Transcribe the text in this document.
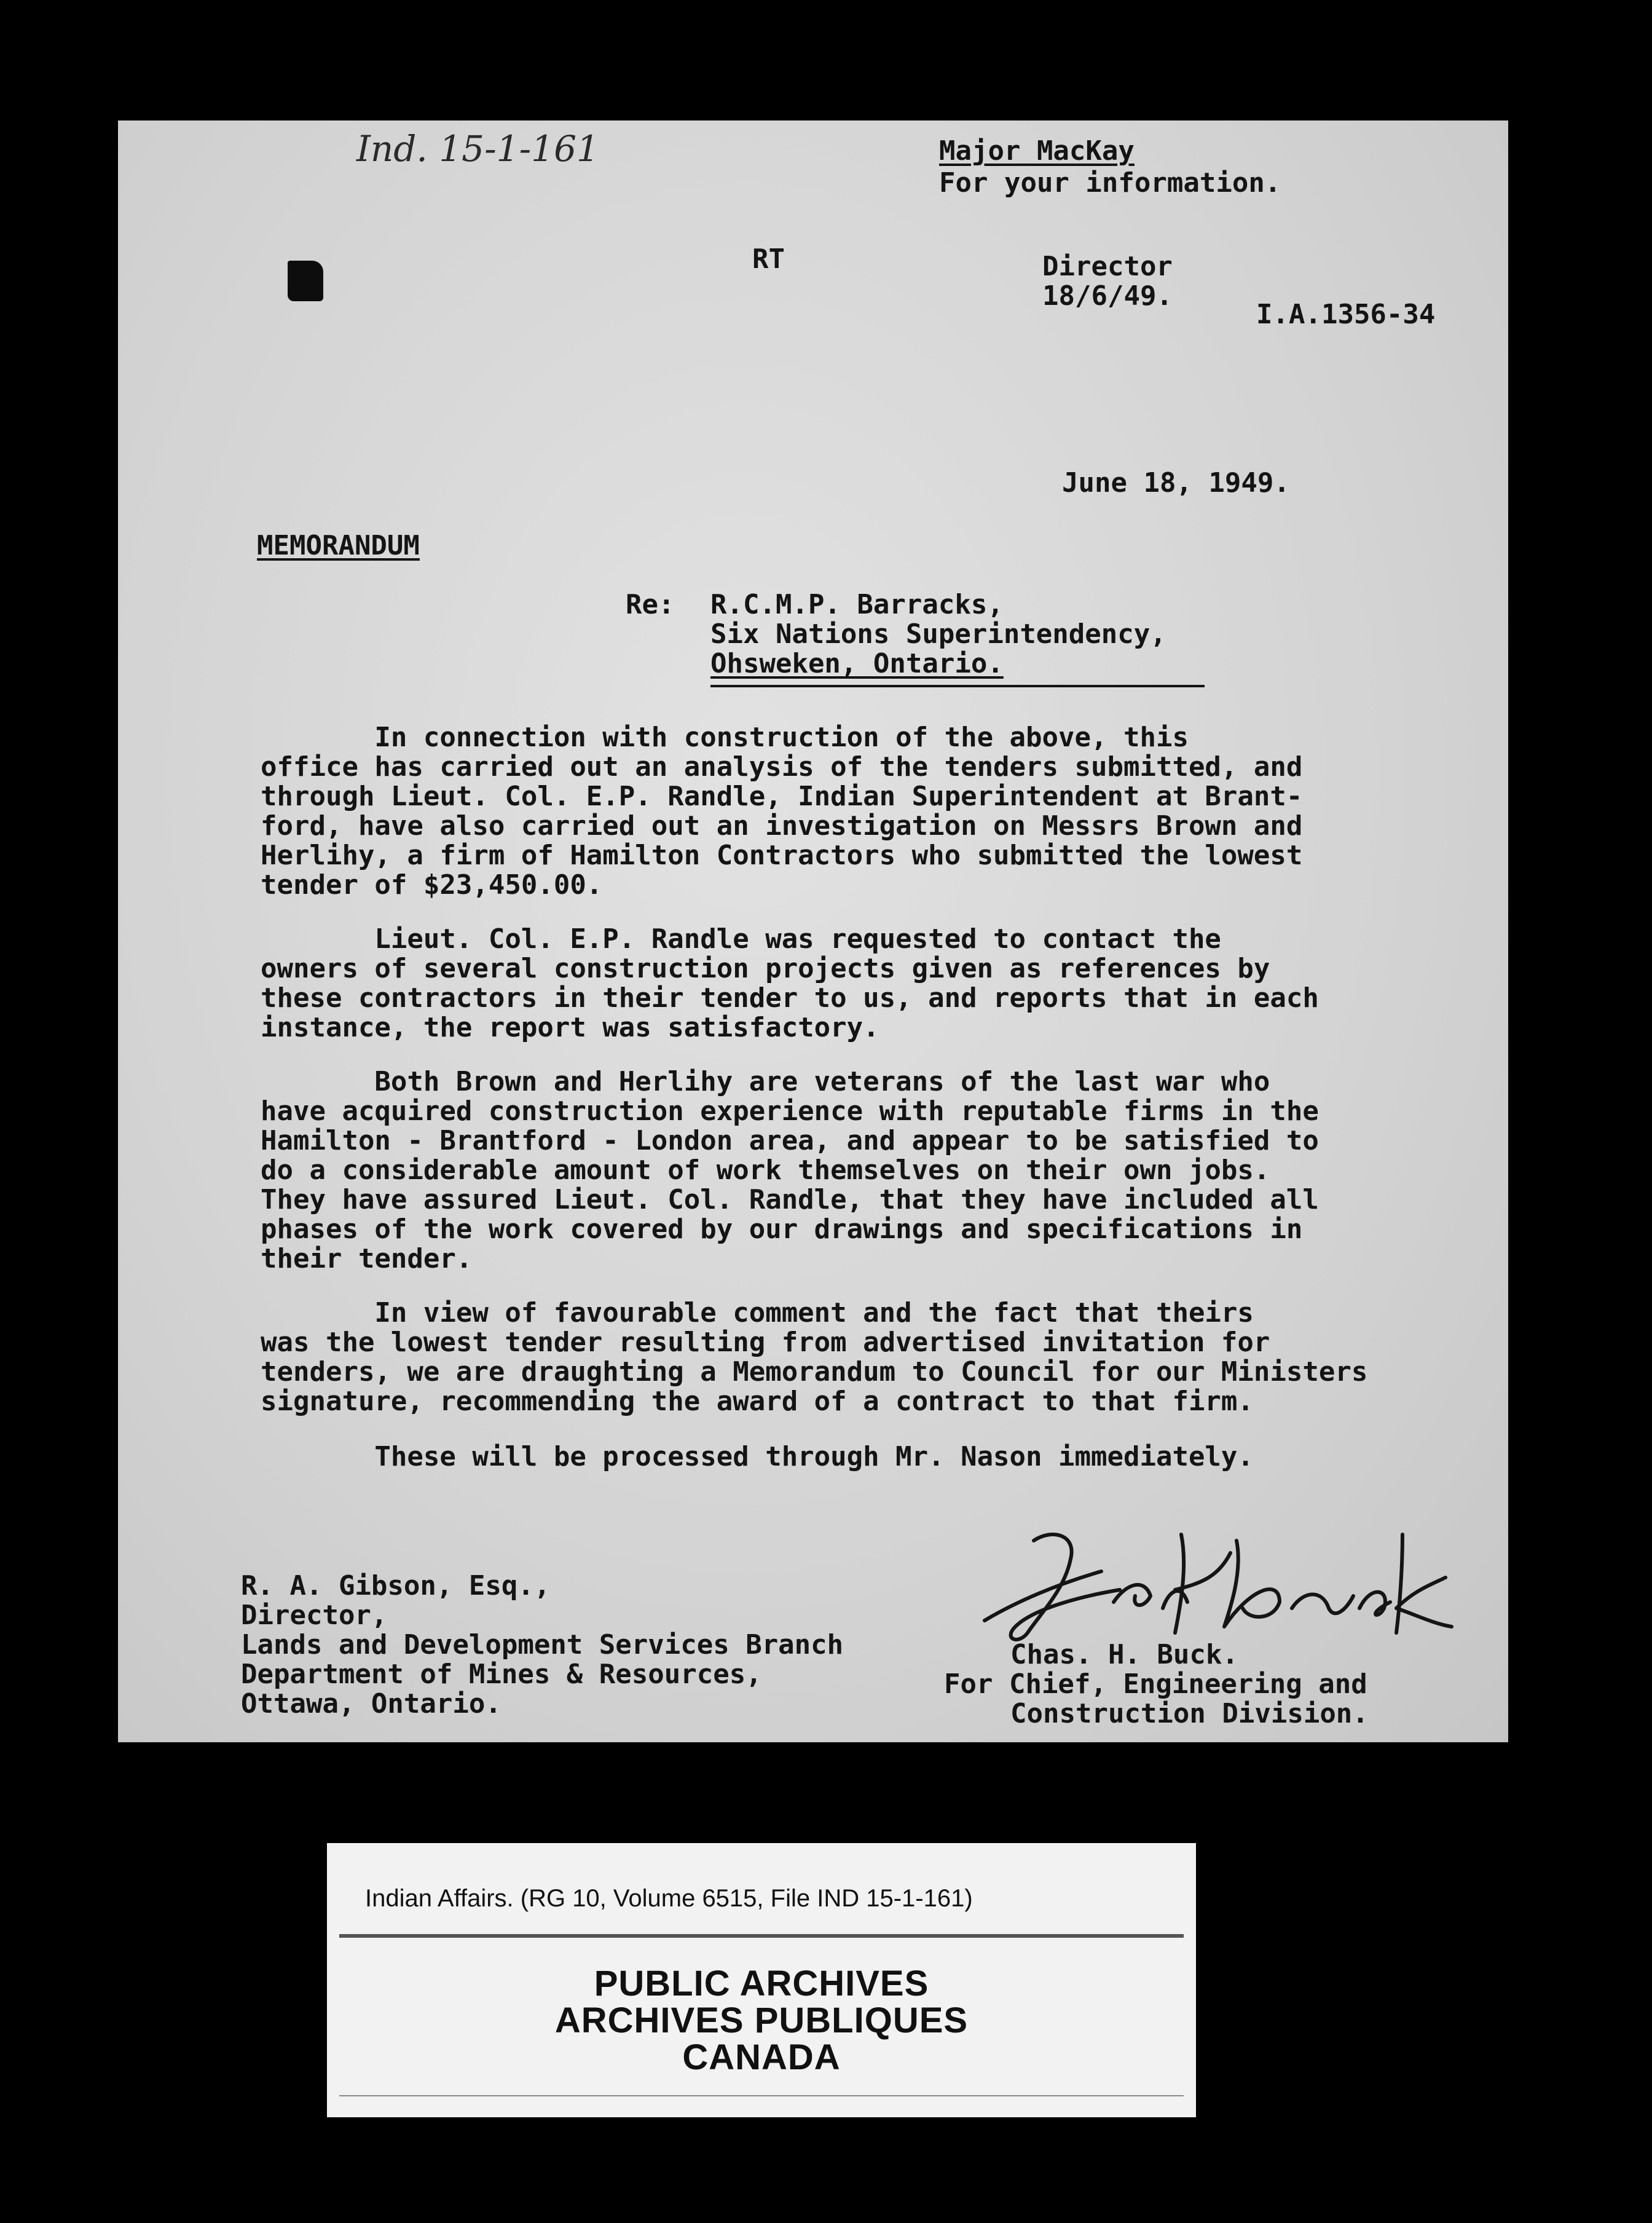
Ind. 15-1-161	Major MacKay
For your information.
RT	Director
18/6/49.
I.A.1356-34
June 18, 1949.
MEMORANDUM
Re: R.C.M.P. Barracks,
Six Nations Superintendency,
Ohsweken, Ontario.
In connection with construction of the above, this
office has carried out an analysis of the tenders submitted, and
through Lieut. Col. E.P. Randle, Indian Superintendent at Brant-
ford, have also carried out an investigation on Messrs Brown and
Herlihy, a firm of Hamilton Contractors who submitted the lowest
tender of $23,450.00.
Lieut. Col. E.P. Randle was requested to contact the
owners of several construction projects given as references by
these contractors in their tender to us, and reports that in each
instance, the report was satisfactory.
Both Brown and Herlihy are veterans of the last war who
have acquired construction experience with reputable firms in the
Hamilton - Brantford - London area, and appear to be satisfied to
do a considerable amount of work themselves on their own jobs.
They have assured Lieut. Col. Randle, that they have included all
phases of the work covered by our drawings and specifications in
their tender.
In view of favourable comment and the fact that theirs
was the lowest tender resulting from advertised invitation for
tenders, we are draughting a Memorandum to Council for our Ministers
signature, recommending the award of a contract to that firm.
These will be processed through Mr. Nason immediately.
R. A. Gibson, Esq.,
Director,
Lands and Development Services Branch
Department of Mines & Resources,
Ottawa, Ontario.
Chas. H. Buck.
For Chief, Engineering and
Construction Division.
Indian Affairs. (RG 10, Volume 6515, File IND 15-1-161)
PUBLIC ARCHIVES
ARCHIVES PUBLIQUES
CANADA
